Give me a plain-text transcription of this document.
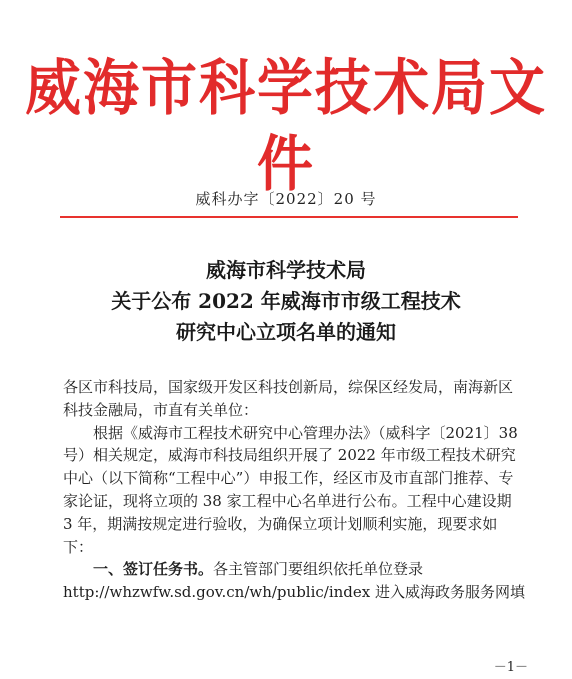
威海市科学技术局文件
威科办字〔2022〕20 号
威海市科学技术局
关于公布 2022 年威海市市级工程技术
研究中心立项名单的通知

各区市科技局，国家级开发区科技创新局，综保区经发局，南海新区科技金融局，市直有关单位：

根据《威海市工程技术研究中心管理办法》（威科字〔2021〕38 号）相关规定，威海市科技局组织开展了 2022 年市级工程技术研究中心（以下简称“工程中心”）申报工作，经区市及市直部门推荐、专家论证，现将立项的 38 家工程中心名单进行公布。工程中心建设期 3 年，期满按规定进行验收，为确保立项计划顺利实施，现要求如下：

一、签订任务书。各主管部门要组织依托单位登录

http://whzwfw.sd.gov.cn/wh/public/index 进入威海政务服务网填

－1－
